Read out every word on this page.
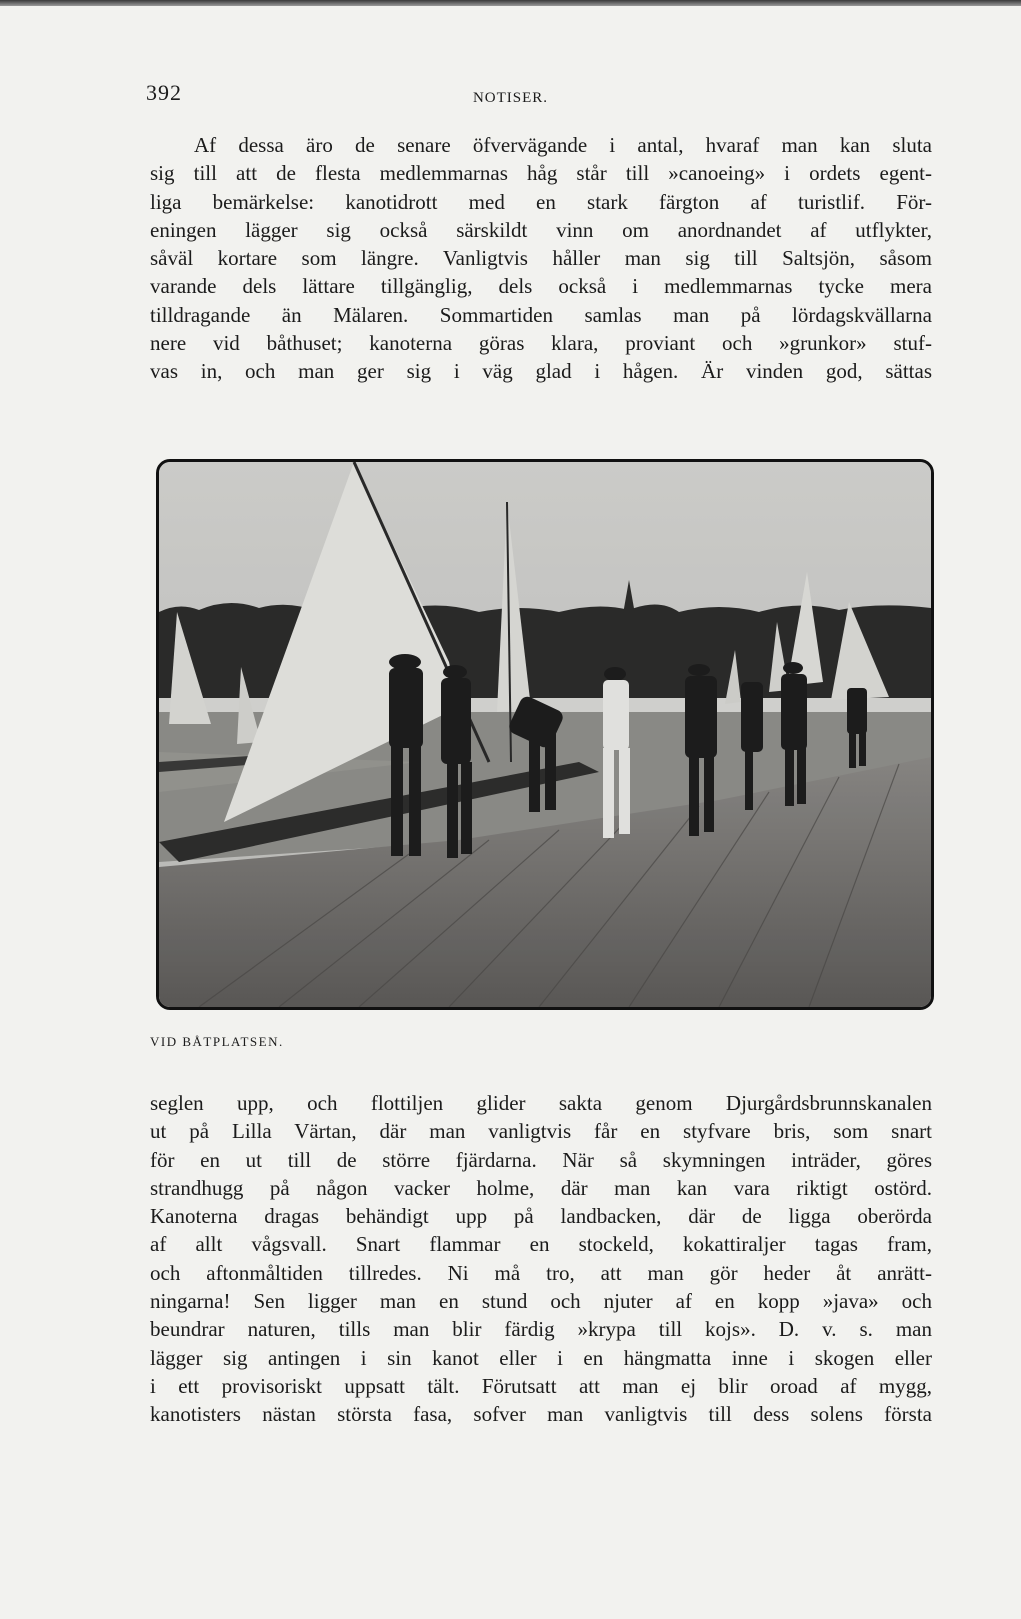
392	NOTISER.
Af dessa äro de senare öfvervägande i antal, hvaraf man kan sluta
sig till att de flesta medlemmarnas håg står till »canoeing» i ordets egent-
liga bemärkelse: kanotidrott med en stark färgton af turistlif. För-
eningen lägger sig också särskildt vinn om anordnandet af utflykter,
såväl kortare som längre. Vanligtvis håller man sig till Saltsjön, såsom
varande dels lättare tillgänglig, dels också i medlemmarnas tycke mera
tilldragande än Mälaren. Sommartiden samlas man på lördagskvällarna
nere vid båthuset; kanoterna göras klara, proviant och »grunkor» stuf-
vas in, och man ger sig i väg glad i hågen. Är vinden god, sättas
VID BÅTPLATSEN.
seglen upp, och flottiljen glider sakta genom Djurgårdsbrunnskanalen
ut på Lilla Värtan, där man vanligtvis får en styfvare bris, som snart
för en ut till de större fjärdarna. När så skymningen inträder, göres
strandhugg på någon vacker holme, där man kan vara riktigt ostörd.
Kanoterna dragas behändigt upp på landbacken, där de ligga oberörda
af allt vågsvall. Snart flammar en stockeld, kokattiraljer tagas fram,
och aftonmåltiden tillredes. Ni må tro, att man gör heder åt anrätt-
ningarna! Sen ligger man en stund och njuter af en kopp »java» och
beundrar naturen, tills man blir färdig »krypa till kojs». D. v. s. man
lägger sig antingen i sin kanot eller i en hängmatta inne i skogen eller
i ett provisoriskt uppsatt tält. Förutsatt att man ej blir oroad af mygg,
kanotisters nästan största fasa, sofver man vanligtvis till dess solens första
